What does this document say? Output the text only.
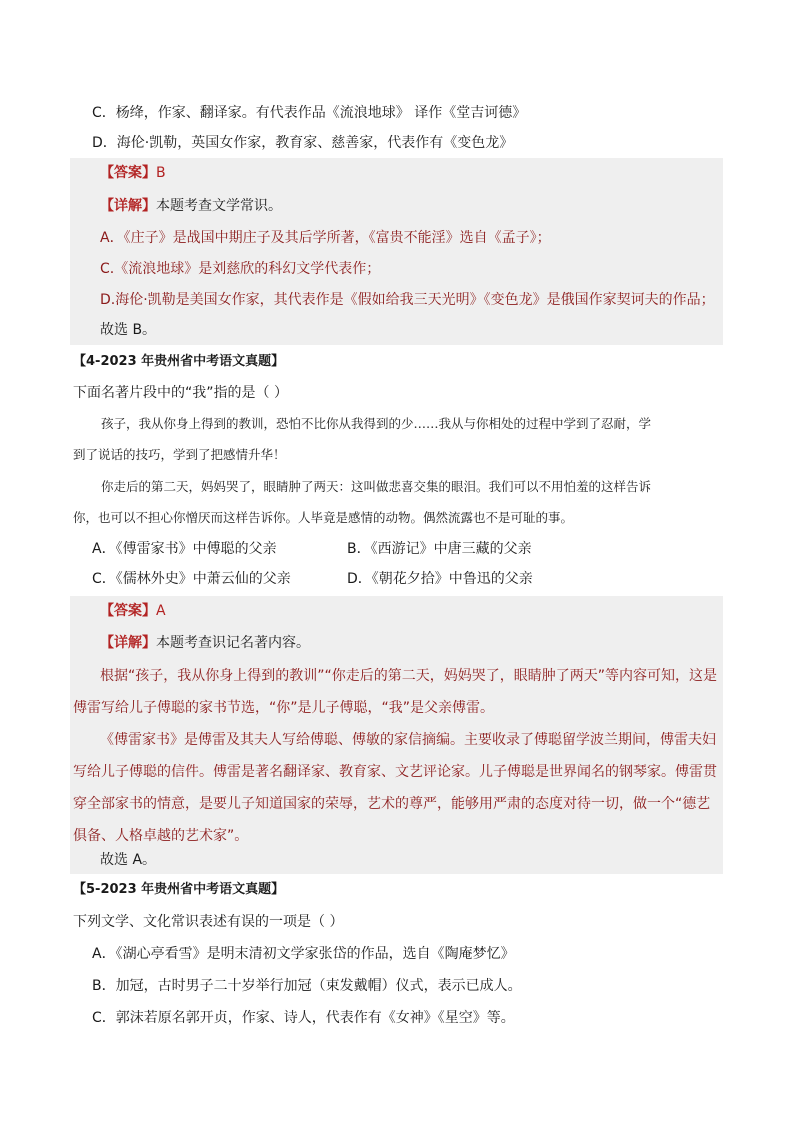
C．杨绛，作家、翻译家。有代表作品《流浪地球》 译作《堂吉诃德》
D．海伦·凯勒，英国女作家，教育家、慈善家，代表作有《变色龙》
【答案】B
【详解】本题考查文学常识。
A．《庄子》是战国中期庄子及其后学所著，《富贵不能淫》选自《孟子》；
C.《流浪地球》是刘慈欣的科幻文学代表作；
D.海伦·凯勒是美国女作家，其代表作是《假如给我三天光明》《变色龙》是俄国作家契诃夫的作品；
故选 B。
【4-2023 年贵州省中考语文真题】
下面名著片段中的“我”指的是（ ）
孩子，我从你身上得到的教训，恐怕不比你从我得到的少……我从与你相处的过程中学到了忍耐，学
到了说话的技巧，学到了把感情升华！
你走后的第二天，妈妈哭了，眼睛肿了两天：这叫做悲喜交集的眼泪。我们可以不用怕羞的这样告诉
你，也可以不担心你憎厌而这样告诉你。人毕竟是感情的动物。偶然流露也不是可耻的事。
A．《傅雷家书》中傅聪的父亲	B．《西游记》中唐三藏的父亲
C．《儒林外史》中萧云仙的父亲	D．《朝花夕拾》中鲁迅的父亲
【答案】A
【详解】本题考查识记名著内容。
根据“孩子，我从你身上得到的教训”“你走后的第二天，妈妈哭了，眼睛肿了两天”等内容可知，这是傅雷写给儿子傅聪的家书节选，“你”是儿子傅聪，“我”是父亲傅雷。
《傅雷家书》是傅雷及其夫人写给傅聪、傅敏的家信摘编。主要收录了傅聪留学波兰期间，傅雷夫妇写给儿子傅聪的信件。傅雷是著名翻译家、教育家、文艺评论家。儿子傅聪是世界闻名的钢琴家。傅雷贯穿全部家书的情意，是要儿子知道国家的荣辱，艺术的尊严，能够用严肃的态度对待一切，做一个“德艺俱备、人格卓越的艺术家”。
故选 A。
【5-2023 年贵州省中考语文真题】
下列文学、文化常识表述有误的一项是（ ）
A．《湖心亭看雪》是明末清初文学家张岱的作品，选自《陶庵梦忆》
B．加冠，古时男子二十岁举行加冠（束发戴帽）仪式，表示已成人。
C．郭沫若原名郭开贞，作家、诗人，代表作有《女神》《星空》等。
